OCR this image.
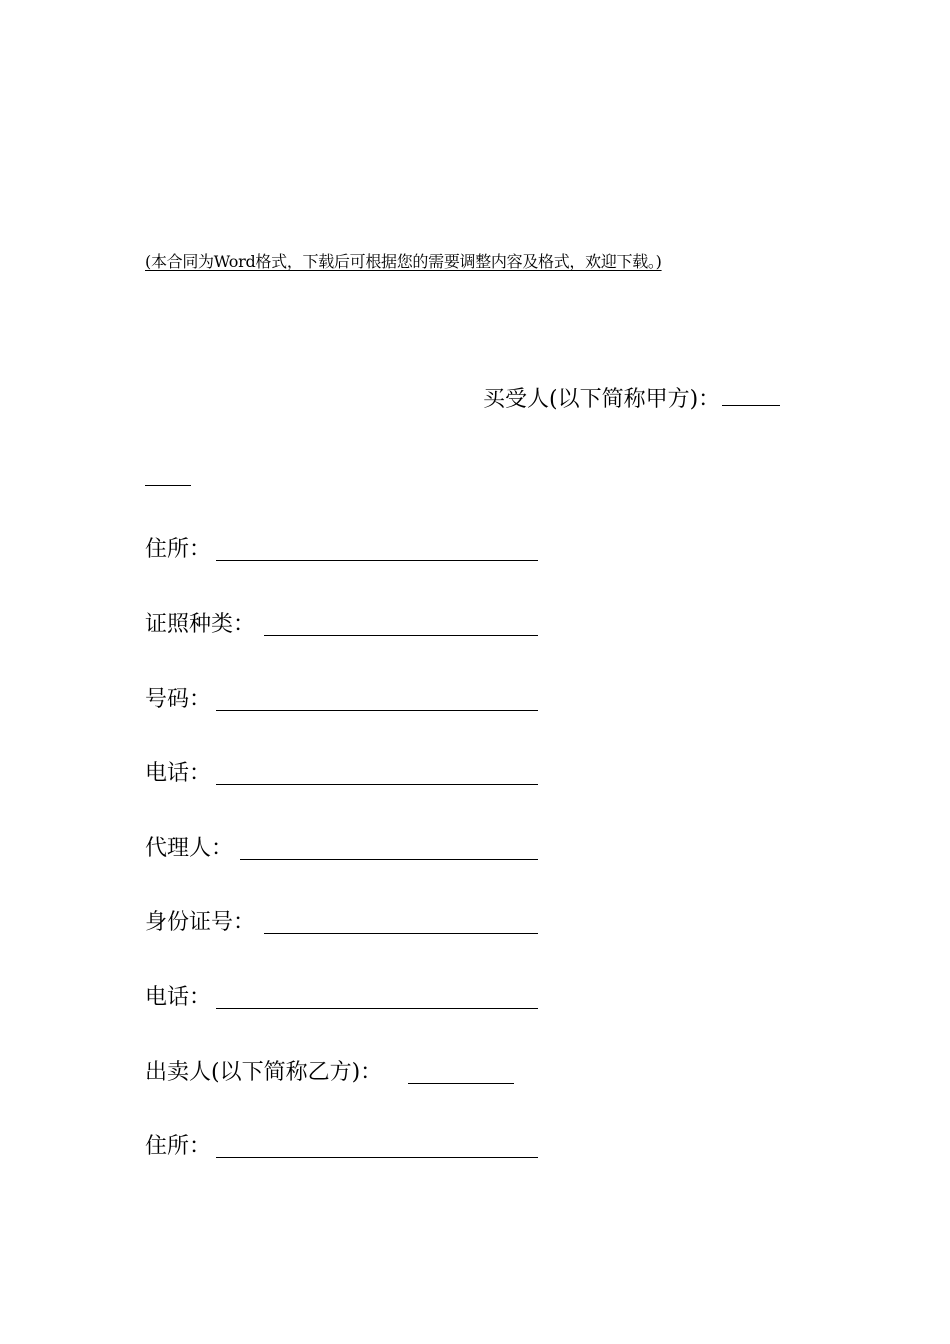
(本合同为Word格式，下载后可根据您的需要调整内容及格式，欢迎下载。)
买受人(以下简称甲方)：
住所：
证照种类：
号码：
电话：
代理人：
身份证号：
电话：
出卖人(以下简称乙方)：
住所：
